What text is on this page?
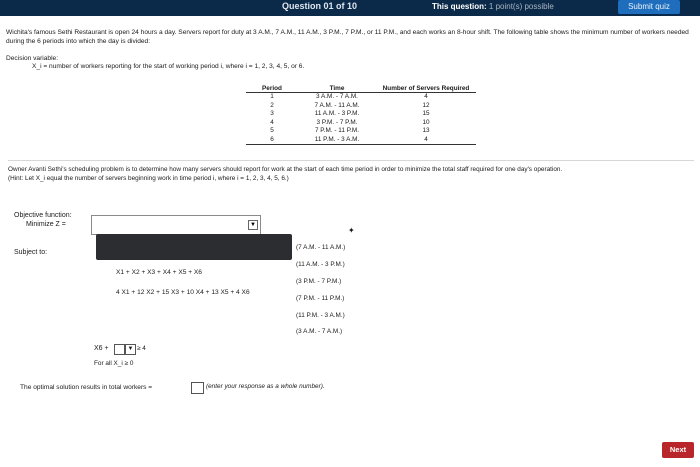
Question 01 of 10	This question: 1 point(s) possible	Submit quiz
Wichita's famous Sethi Restaurant is open 24 hours a day. Servers report for duty at 3 A.M., 7 A.M., 11 A.M., 3 P.M., 7 P.M., or 11 P.M., and each works an 8-hour shift. The following table shows the minimum number of workers needed during the 6 periods into which the day is divided:
Decision variable:
X_i = number of workers reporting for the start of working period i, where i = 1, 2, 3, 4, 5, or 6.
Period	Time	Number of Servers Required
1	3 A.M. - 7 A.M.	4
2	7 A.M. - 11 A.M.	12
3	11 A.M. - 3 P.M.	15
4	3 P.M. - 7 P.M.	10
5	7 P.M. - 11 P.M.	13
6	11 P.M. - 3 A.M.	4
Owner Avanti Sethi's scheduling problem is to determine how many servers should report for work at the start of each time period in order to minimize the total staff required for one day's operation.
(Hint: Let X_i equal the number of servers beginning work in time period i, where i = 1, 2, 3, 4, 5, 6.)
Objective function:
Minimize Z =	▼
✦
Subject to:
X1 + X2 + X3 + X4 + X5 + X6
4 X1 + 12 X2 + 15 X3 + 10 X4 + 13 X5 + 4 X6
(7 A.M. - 11 A.M.)
(11 A.M. - 3 P.M.)
(3 P.M. - 7 P.M.)
(7 P.M. - 11 P.M.)
(11 P.M. - 3 A.M.)
(3 A.M. - 7 A.M.)
X6 +	▼ ≥ 4
For all X_i ≥ 0
The optimal solution results in total workers =	(enter your response as a whole number).
Next
